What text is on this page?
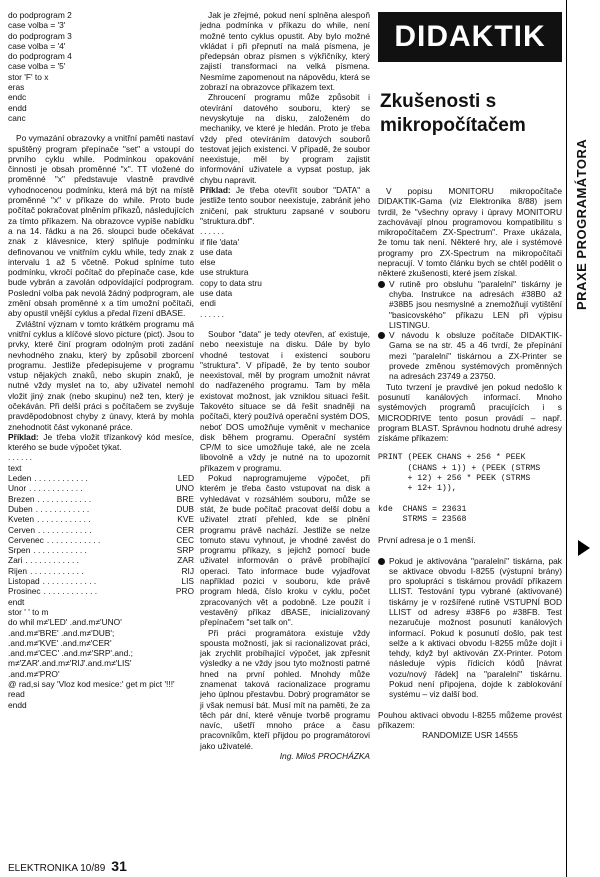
do podprogram 2
case volba = '3'
do podprogram 3
case volba = '4'
do podprogram 4
case volba = '5'
stor 'F' to x
eras
endc
endd
canc

Po vymazání obrazovky a vnitřní paměti nastaví spuštěný program přepínače "set" a vstoupí do prvního cyklu while. Podmínkou opakování činnosti je obsah proměnné "x". TT vložené do proměnné "x" představuje vlastně pravdivé vyhodnocenou podmínku, která má být na místě proměnné "x" v příkaze do while. Proto bude počítač pokračovat plněním příkazů, následujících za tímto příkazem. Na obrazovce vypíše nabídku a na 14. řádku a na 26. sloupci bude očekávat znak z klávesnice, který splňuje podmínku definovanou ve vnitřním cyklu while, tedy znak z intervalu 1 až 5 včetně. Pokud splníme tuto podmínku, vkročí počítač do přepínače case, kde bude vybrán a zavolán odpovídající podprogram. Poslední volba pak nevolá žádný podprogram, ale změní obsah proměnné x a tím umožní počítači, aby opustil vnější cyklus a předal řízení dBASE.

Zvláštní význam v tomto krátkém programu má vnitřní cyklus a klíčové slovo picture (pict). Jsou to prvky, které činí program odolným proti zadání nevhodného znaku, který by způsobil zborcení programu. Jestliže předepisujeme v programu vstup nějakých znaků, nebo skupin znaků, je nutné vždy myslet na to, aby uživatel nemohl vložit jiný znak (nebo skupinu) než ten, který je očekáván. Při delší práci s počítačem se zvyšuje pravděpodobnost chyby z únavy, která by mohla znehodnotit část vykonané práce.

Příklad: Je třeba vložit třízankový kód mesíce, kterého se bude výpočet týkat.

......
text
Leden . . . . . . . . . . . .	LED
Unor . . . . . . . . . . . .	UNO
Brezen . . . . . . . . . . . .	BRE
Duben . . . . . . . . . . . .	DUB
Kveten . . . . . . . . . . . .	KVE
Cerven . . . . . . . . . . . .	CER
Cervenec . . . . . . . . . . . .	CEC
Srpen . . . . . . . . . . . .	SRP
Zari . . . . . . . . . . . .	ZAR
Rijen . . . . . . . . . . . .	RIJ
Listopad . . . . . . . . . . . .	LIS
Prosinec . . . . . . . . . . . .	PRO
endt
stor ' ' to m
do whil m≠'LED' .and.m≠'UNO'
.and.m≠'BRE' .and.m≠'DUB';
.and.m≠'KVE' .and.m≠'CER'
.and.m≠'CEC' .and.m≠'SRP'.and.;
m≠'ZAR'.and.m≠'RIJ'.and.m≠'LIS'
.and.m≠'PRO'
@ rad,si say 'Vloz kod mesice:' get m pict '!!!'
read
endd

Jak je zřejmé, pokud není splněna alespoň jedna podmínka v příkazu do while, není možné tento cyklus opustit. Aby bylo možné vkládat i při přepnutí na malá písmena, je předepsán obraz písmen s výkřičníky, který zajistí transformaci na velká písmena. Nesmíme zapomenout na nápovědu, která se zobrazí na obrazovce příkazem text.

Zhroucení programu může způsobit i otevírání datového souboru, který se nevyskytuje na disku, založeném do mechaniky, ve které je hledán. Proto je třeba vždy před otevíráním datových souborů testovat jejich existenci. V případě, že soubor neexistuje, měl by program zajistit informování uživatele a vypsat postup, jak chybu napravit.

Příklad: Je třeba otevřít soubor "DATA" a jestliže tento soubor neexistuje, zabránit jeho zničení, pak strukturu zapsané v souboru "struktura.dbf".

......
if file 'data'
use data
else
use struktura
copy to data stru
use data
endi
......

Soubor "data" je tedy otevřen, ať existuje, nebo neexistuje na disku. Dále by bylo vhodné testovat i existenci souboru "struktura". V případě, že by tento soubor neexistoval, měl by program umožnit návrat do nadřazeného programu. Tam by měla existovat možnost, jak vzniklou situaci řešit. Takovéto situace se dá řešit snadněji na počítači, který používá operační systém DOS, neboť DOS umožňuje vyměnit v mechanice disk během programu. Operační systém CP/M to sice umožňuje také, ale ne zcela libovolně a vždy je nutné na to upozornit příkazem v programu.

Pokud naprogramujeme výpočet, při kterém je třeba často vstupovat na disk a vyhledávat v rozsáhlém souboru, může se stát, že bude počítač pracovat delší dobu a uživatel ztratí přehled, kde se plnění programu právě nachází. Jestliže se nelze tomuto stavu vyhnout, je vhodné zavést do programu příkazy, s jejichž pomocí bude uživatel informován o právě probíhající operaci. Tato informace bude vyjadřovat například pozici v souboru, kde právě program hledá, číslo kroku v cyklu, počet zpracovaných vět a podobně. Lze použít i vestavěný příkaz dBASE, inicializovaný přepínačem "set talk on".

Při práci programátora existuje vždy spousta možností, jak si racionalizovat práci, jak zrychlit probíhající výpočet, jak zpřesnit výsledky a ne vždy jsou tyto možnosti patrné hned na první pohled. Mnohdy může znamenat taková racionalizace programu jeho úplnou přestavbu. Dobrý programátor se ji však nemusí bát. Musí mít na paměti, že za těch pár dní, které věnuje tvorbě programu navíc, ušetří mnoho práce a času pracovníkům, kteří přijdou po programátorovi jako uživatelé.

Ing. Miloš PROCHÁZKA
DIDAKTIK
Zkušenosti s mikropočítačem

V popisu MONITORU mikropočítače DIDAKTIK-Gama (viz Elektronika 8/88) jsem tvrdil, že "všechny opravy i úpravy MONITORU zachovávají plnou programovou kompatibilitu s mikropočítačem ZX-Spectrum". Praxe ukázala, že tomu tak není. Některé hry, ale i systémové programy pro ZX-Spectrum na mikropočítači nepracují. V tomto článku bych se chtěl podělit o některé zkušenosti, které jsem získal.

V rutině pro obsluhu "paralelní" tiskárny je chyba. Instrukce na adresách #38B0 až #38B5 jsou nesmyslné a znemožňují vytištění "basicovského" příkazu LEN při výpisu LISTINGU.
V návodu k obsluze počítače DIDAKTIK-Gama se na str. 45 a 46 tvrdí, že přepínání mezi "paralelní" tiskárnou a ZX-Printer se provede změnou systémových proměnných na adresách 23749 a 23750.

Tuto tvrzení je pravdivé jen pokud nedošlo k posunutí kanálových informací. Mnoho systémových programů pracujících i s MICRODRIVE tento posun provádí – např. program BLAST. Správnou hodnotu druhé adresy získáme příkazem:

PRINT (PEEK CHANS + 256 * PEEK
(CHANS + 1)) + (PEEK (STRMS
+ 12) + 256 * PEEK (STRMS
+ 12+ 1)),
kde  CHANS = 23631
STRMS = 23568

První adresa je o 1 menší.

Pokud je aktivována "paralelní" tiskárna, pak se aktivace obvodu I-8255 (výstupní brány) pro spolupráci s tiskárnou provádí příkazem LLIST. Testování typu vybrané (aktivované) tiskárny je v rozšířené rutině VSTUPNÍ BOD LLIST od adresy #38F6 po #38FB. Test nezaručuje možnost posunutí kanálových informací. Pokud k posunutí došlo, pak test selže a k aktivaci obvodu I-8255 může dojít i tehdy, když byl aktivován ZX-Printer. Potom následuje výpis řídicích kódů [návrat vozu/nový řádek] na "paralelní" tiskárnu. Pokud není připojena, dojde k zablokování systému – viz další bod.

Pouhou aktivaci obvodu I-8255 můžeme provést příkazem:

RANDOMIZE USR 14555
PRAXE PROGRAMÁTORA
ELEKTRONIKA 10/89 31
